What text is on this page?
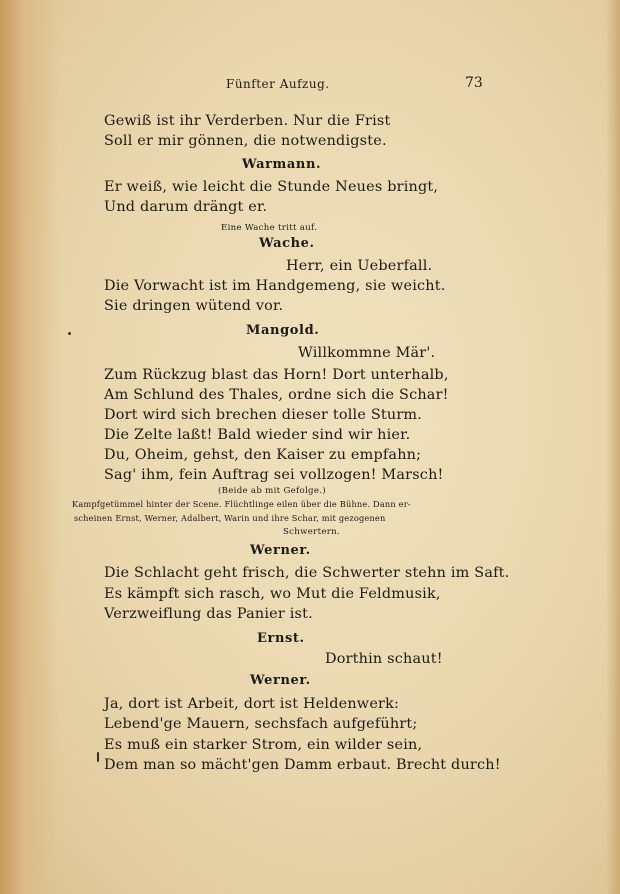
Fünfter Aufzug.	73
Gewiß ist ihr Verderben. Nur die Frist
Soll er mir gönnen, die notwendigste.
Warmann.
Er weiß, wie leicht die Stunde Neues bringt,
Und darum drängt er.
Eine Wache tritt auf.
Wache.
Herr, ein Ueberfall.
Die Vorwacht ist im Handgemeng, sie weicht.
Sie dringen wütend vor.
Mangold.
Willkommne Mär'.
Zum Rückzug blast das Horn! Dort unterhalb,
Am Schlund des Thales, ordne sich die Schar!
Dort wird sich brechen dieser tolle Sturm.
Die Zelte laßt! Bald wieder sind wir hier.
Du, Oheim, gehst, den Kaiser zu empfahn;
Sag' ihm, fein Auftrag sei vollzogen! Marsch!
(Beide ab mit Gefolge.)
Kampfgetümmel hinter der Scene. Flüchtlinge eilen über die Bühne. Dann er-
scheinen Ernst, Werner, Adalbert, Warin und ihre Schar, mit gezogenen
Schwertern.
Werner.
Die Schlacht geht frisch, die Schwerter stehn im Saft.
Es kämpft sich rasch, wo Mut die Feldmusik,
Verzweiflung das Panier ist.
Ernst.
Dorthin schaut!
Werner.
Ja, dort ist Arbeit, dort ist Heldenwerk:
Lebend'ge Mauern, sechsfach aufgeführt;
Es muß ein starker Strom, ein wilder sein,
Dem man so mächt'gen Damm erbaut. Brecht durch!
